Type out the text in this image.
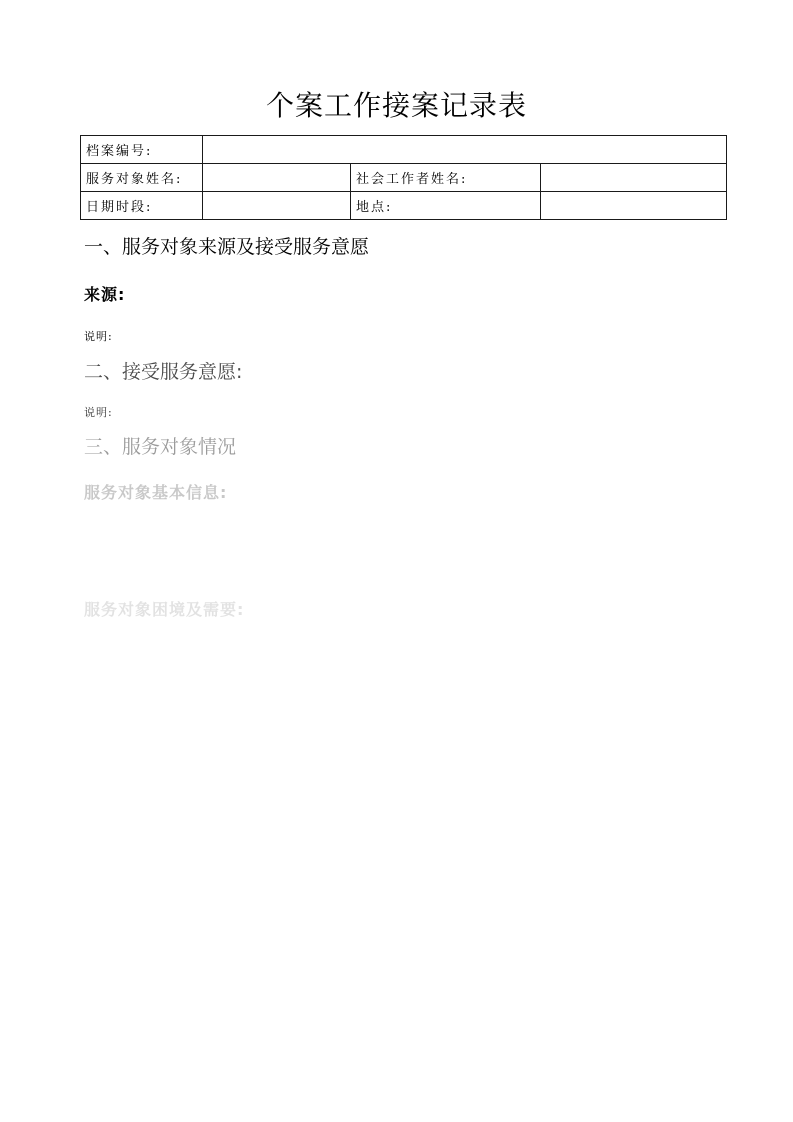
个案工作接案记录表
档案编号:			
服务对象姓名:		社会工作者姓名:	
日期时段:		地点:	
一、服务对象来源及接受服务意愿
来源:
说明:
二、接受服务意愿:
说明:
三、服务对象情况
服务对象基本信息:
服务对象困境及需要:
